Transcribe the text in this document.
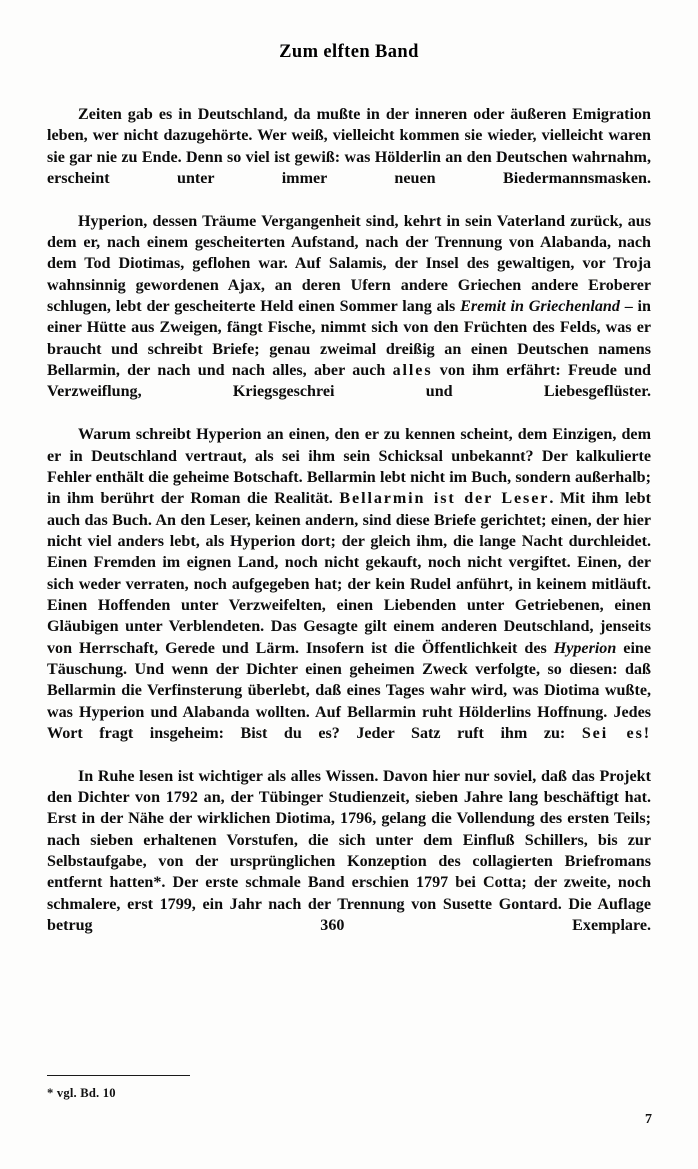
Zum elften Band

Zeiten gab es in Deutschland, da mußte in der inneren oder äußeren Emigration leben, wer nicht dazugehörte. Wer weiß, vielleicht kommen sie wieder, vielleicht waren sie gar nie zu Ende. Denn so viel ist gewiß: was Hölderlin an den Deutschen wahrnahm, erscheint unter immer neuen Biedermannsmasken.

Hyperion, dessen Träume Vergangenheit sind, kehrt in sein Vaterland zurück, aus dem er, nach einem gescheiterten Aufstand, nach der Trennung von Alabanda, nach dem Tod Diotimas, geflohen war. Auf Salamis, der Insel des gewaltigen, vor Troja wahnsinnig gewordenen Ajax, an deren Ufern andere Griechen andere Eroberer schlugen, lebt der gescheiterte Held einen Sommer lang als Eremit in Griechenland – in einer Hütte aus Zweigen, fängt Fische, nimmt sich von den Früchten des Felds, was er braucht und schreibt Briefe; genau zweimal dreißig an einen Deutschen namens Bellarmin, der nach und nach alles, aber auch alles von ihm erfährt: Freude und Verzweiflung, Kriegsgeschrei und Liebesgeflüster.

Warum schreibt Hyperion an einen, den er zu kennen scheint, dem Einzigen, dem er in Deutschland vertraut, als sei ihm sein Schicksal unbekannt? Der kalkulierte Fehler enthält die geheime Botschaft. Bellarmin lebt nicht im Buch, sondern außerhalb; in ihm berührt der Roman die Realität. Bellarmin ist der Leser. Mit ihm lebt auch das Buch. An den Leser, keinen andern, sind diese Briefe gerichtet; einen, der hier nicht viel anders lebt, als Hyperion dort; der gleich ihm, die lange Nacht durchleidet. Einen Fremden im eignen Land, noch nicht gekauft, noch nicht vergiftet. Einen, der sich weder verraten, noch aufgegeben hat; der kein Rudel anführt, in keinem mitläuft. Einen Hoffenden unter Verzweifelten, einen Liebenden unter Getriebenen, einen Gläubigen unter Verblendeten. Das Gesagte gilt einem anderen Deutschland, jenseits von Herrschaft, Gerede und Lärm. Insofern ist die Öffentlichkeit des Hyperion eine Täuschung. Und wenn der Dichter einen geheimen Zweck verfolgte, so diesen: daß Bellarmin die Verfinsterung überlebt, daß eines Tages wahr wird, was Diotima wußte, was Hyperion und Alabanda wollten. Auf Bellarmin ruht Hölderlins Hoffnung. Jedes Wort fragt insgeheim: Bist du es? Jeder Satz ruft ihm zu: Sei es!

In Ruhe lesen ist wichtiger als alles Wissen. Davon hier nur soviel, daß das Projekt den Dichter von 1792 an, der Tübinger Studienzeit, sieben Jahre lang beschäftigt hat. Erst in der Nähe der wirklichen Diotima, 1796, gelang die Vollendung des ersten Teils; nach sieben erhaltenen Vorstufen, die sich unter dem Einfluß Schillers, bis zur Selbstaufgabe, von der ursprünglichen Konzeption des collagierten Briefromans entfernt hatten*. Der erste schmale Band erschien 1797 bei Cotta; der zweite, noch schmalere, erst 1799, ein Jahr nach der Trennung von Susette Gontard. Die Auflage betrug 360 Exemplare.

* vgl. Bd. 10
7
